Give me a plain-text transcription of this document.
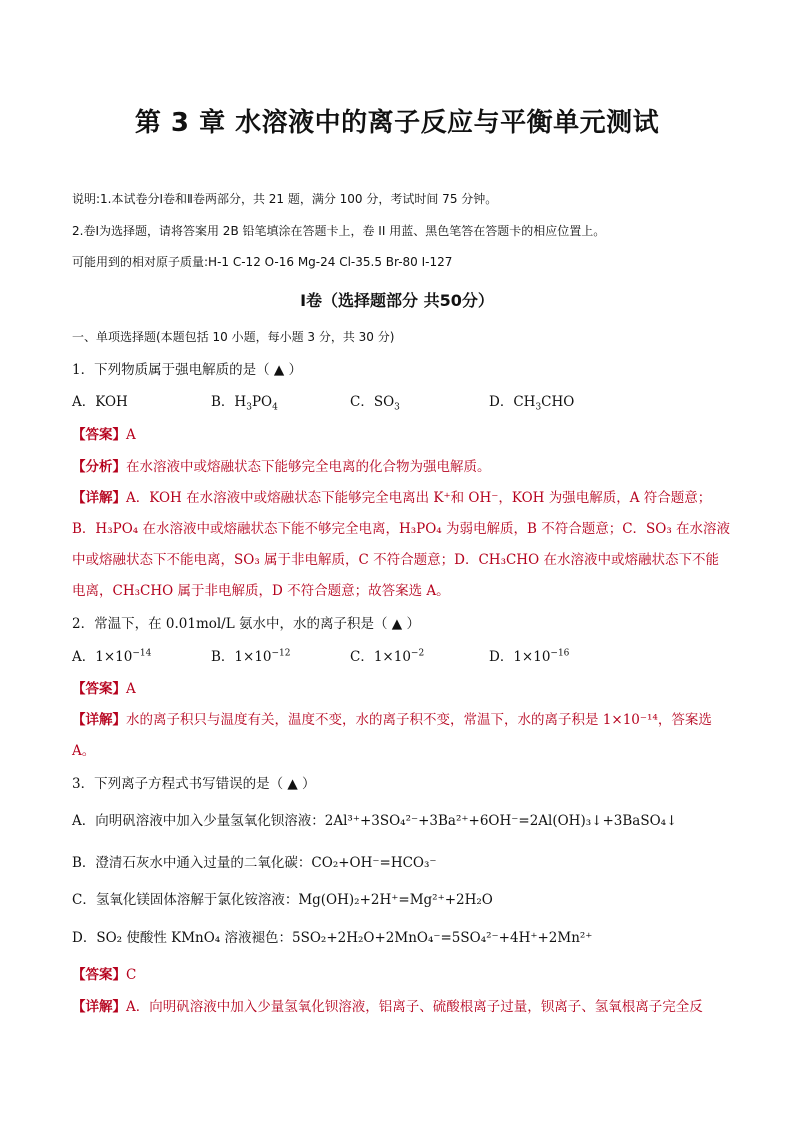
第 3 章 水溶液中的离子反应与平衡单元测试
说明:1.本试卷分Ⅰ卷和Ⅱ卷两部分，共 21 题，满分 100 分，考试时间 75 分钟。
2.卷Ⅰ为选择题，请将答案用 2B 铅笔填涂在答题卡上，卷 II 用蓝、黑色笔答在答题卡的相应位置上。
可能用到的相对原子质量:H-1 C-12 O-16 Mg-24 Cl-35.5 Br-80 I-127
Ⅰ卷（选择题部分 共50分）
一、单项选择题(本题包括 10 小题，每小题 3 分，共 30 分)
1．下列物质属于强电解质的是（ ▲ ）
A．KOH	B．$H_3PO_4$	C．$SO_3$	D．$CH_3CHO$
【答案】A
【分析】在水溶液中或熔融状态下能够完全电离的化合物为强电解质。
【详解】A．KOH 在水溶液中或熔融状态下能够完全电离出 K⁺和 OH⁻，KOH 为强电解质，A 符合题意；
B．H₃PO₄ 在水溶液中或熔融状态下能不够完全电离，H₃PO₄ 为弱电解质，B 不符合题意；C．SO₃ 在水溶液
中或熔融状态下不能电离，SO₃ 属于非电解质，C 不符合题意；D．CH₃CHO 在水溶液中或熔融状态下不能
电离，CH₃CHO 属于非电解质，D 不符合题意；故答案选 A。
2．常温下，在 0.01mol/L 氨水中，水的离子积是（ ▲ ）
A．$1\times 10^{-14}$	B．$1\times 10^{-12}$	C．$1\times 10^{-2}$	D．$1\times 10^{-16}$
【答案】A
【详解】水的离子积只与温度有关，温度不变，水的离子积不变，常温下，水的离子积是 1×10⁻¹⁴，答案选
A。
3．下列离子方程式书写错误的是（ ▲ ）
A．向明矾溶液中加入少量氢氧化钡溶液：2Al³⁺+3SO₄²⁻+3Ba²⁺+6OH⁻=2Al(OH)₃↓+3BaSO₄↓
B．澄清石灰水中通入过量的二氧化碳：CO₂+OH⁻=HCO₃⁻
C．氢氧化镁固体溶解于氯化铵溶液：Mg(OH)₂+2H⁺=Mg²⁺+2H₂O
D．SO₂ 使酸性 KMnO₄ 溶液褪色：5SO₂+2H₂O+2MnO₄⁻=5SO₄²⁻+4H⁺+2Mn²⁺
【答案】C
【详解】A．向明矾溶液中加入少量氢氧化钡溶液，铝离子、硫酸根离子过量，钡离子、氢氧根离子完全反
